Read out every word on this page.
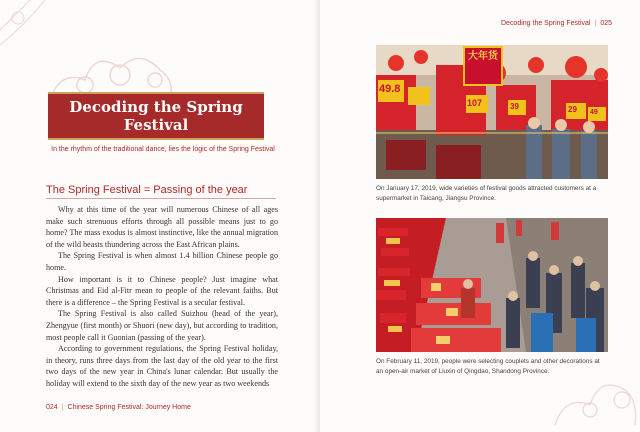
Decoding the Spring Festival
In the rhythm of the traditional dance, lies the logic of the Spring Festival
The Spring Festival = Passing of the year

Why at this time of the year will numerous Chinese of all ages make such strenuous efforts through all possible means just to go home? The mass exodus is almost instinctive, like the annual migration of the wild beasts thundering across the East African plains.

The Spring Festival is when almost 1.4 billion Chinese people go home.

How important is it to Chinese people? Just imagine what Christmas and Eid al-Fitr mean to people of the relevant faiths. But there is a difference – the Spring Festival is a secular festival.

The Spring Festival is also called Suizhou (head of the year), Zhengyue (first month) or Shuori (new day), but according to tradition, most people call it Guonian (passing of the year).

According to government regulations, the Spring Festival holiday, in theory, runs three days from the last day of the old year to the first two days of the new year in China's lunar calendar. But usually the holiday will extend to the sixth day of the new year as two weekends

024 | Chinese Spring Festival: Journey Home
Decoding the Spring Festival | 025
大年货
49.8
107	39	29 49
On January 17, 2019, wide varieties of festival goods attracted customers at a supermarket in Taicang, Jiangsu Province.
On February 11, 2019, people were selecting couplets and other decorations at an open-air market of Liuxin of Qingdao, Shandong Province.
